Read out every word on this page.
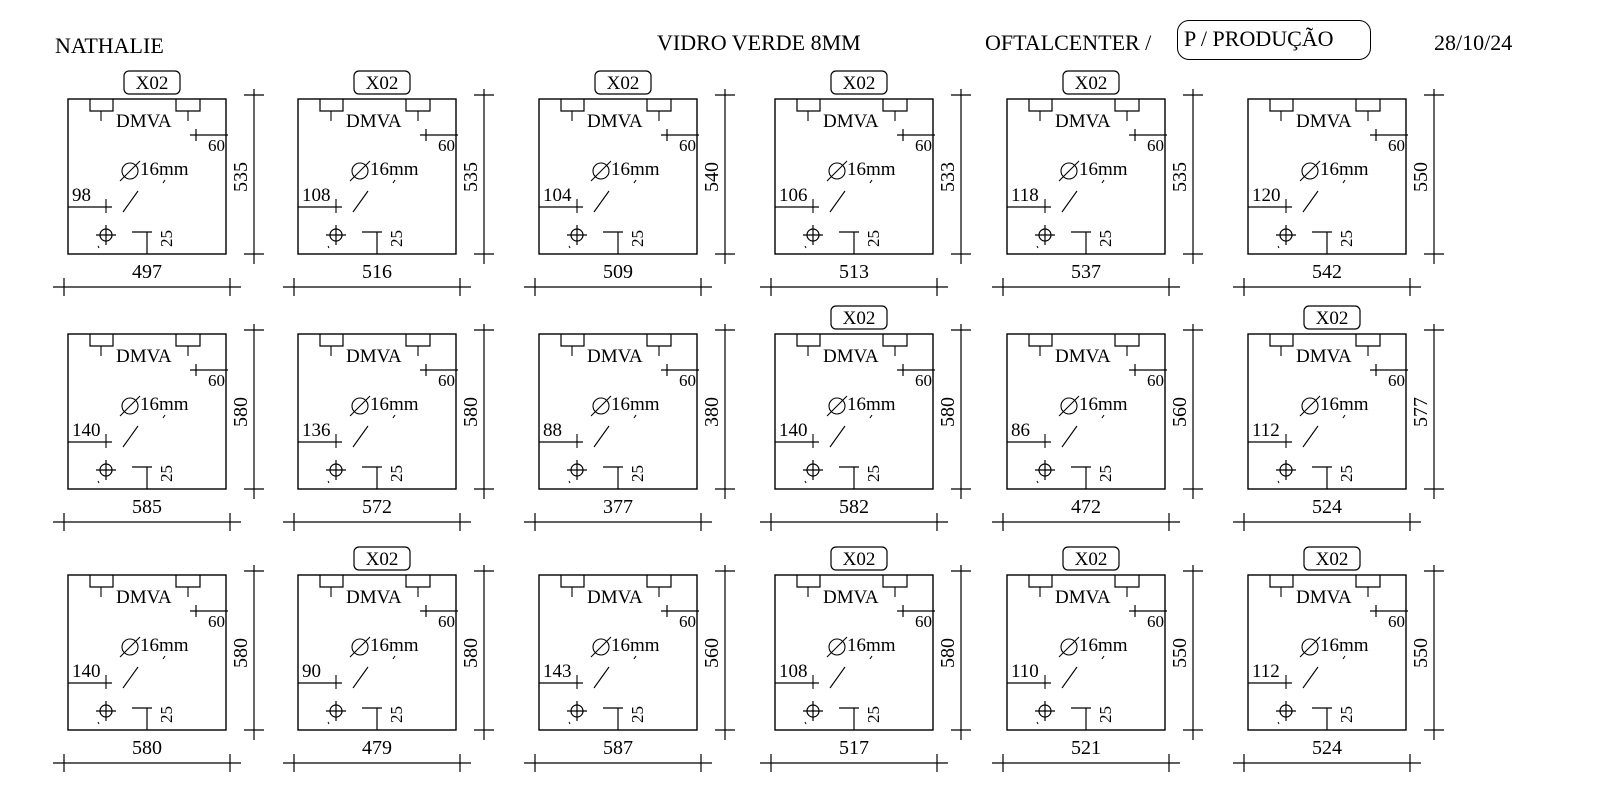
NATHALIE	VIDRO VERDE 8MM	OFTALCENTER / P / PRODUÇÃO	28/10/24
X02
DMVA
60
16mm
98
25
535
497
X02
DMVA
60
16mm
108
25
535
516
X02
DMVA
60
16mm
104
25
540
509
X02
DMVA
60
16mm
106
25
533
513
X02
DMVA
60
16mm
118
25
535
537
DMVA
60
16mm
120
25
550
542
DMVA
60
16mm
140
25
580
585
DMVA
60
16mm
136
25
580
572
DMVA
60
16mm
88
25
380
377
X02
DMVA
60
16mm
140
25
580
582
DMVA
60
16mm
86
25
560
472
X02
DMVA
60
16mm
112
25
577
524
DMVA
60
16mm
140
25
580
580
X02
DMVA
60
16mm
90
25
580
479
DMVA
60
16mm
143
25
560
587
X02
DMVA
60
16mm
108
25
580
517
X02
DMVA
60
16mm
110
25
550
521
X02
DMVA
60
16mm
112
25
550
524
